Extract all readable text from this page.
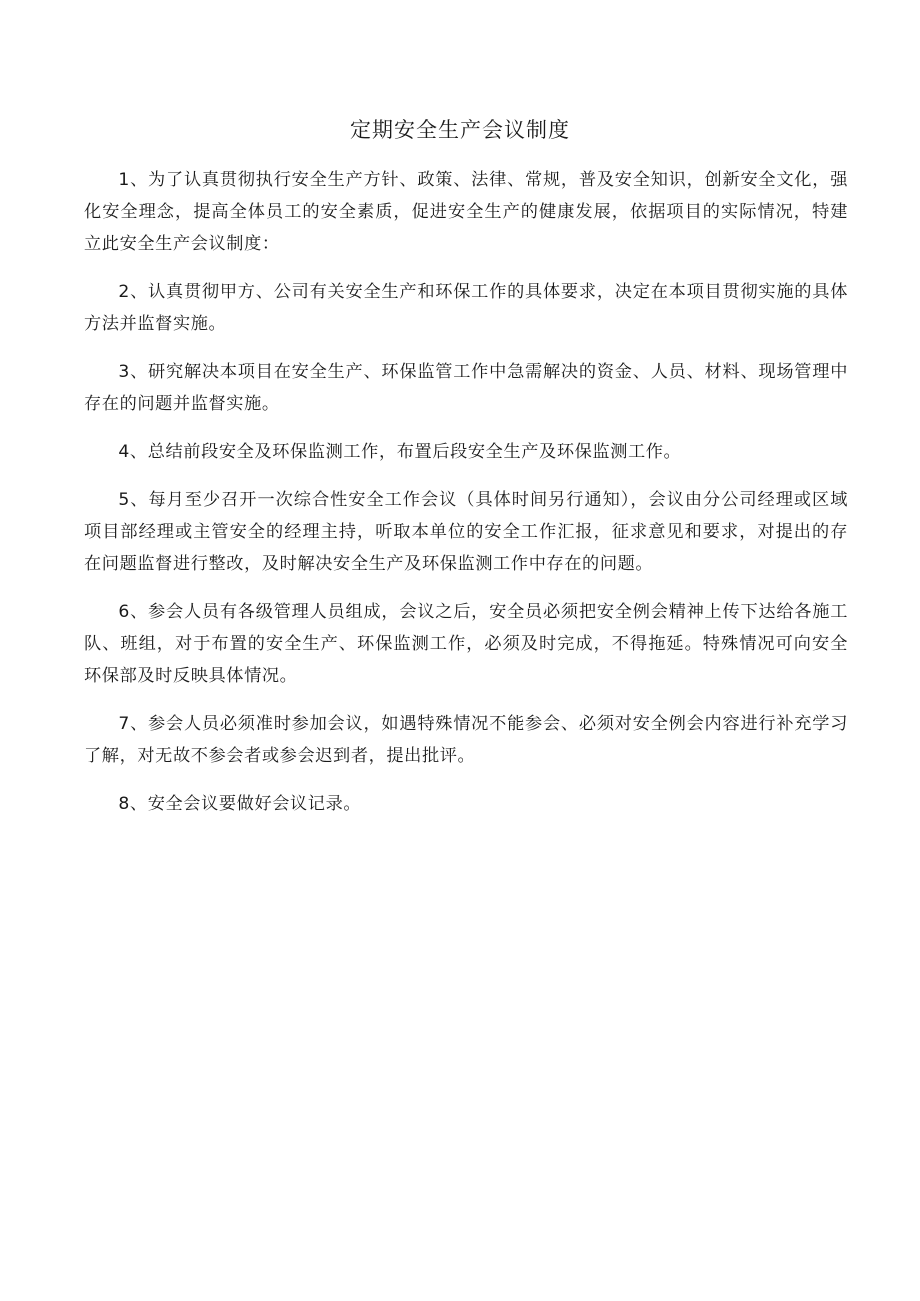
定期安全生产会议制度

1、为了认真贯彻执行安全生产方针、政策、法律、常规，普及安全知识，创新安全文化，强化安全理念，提高全体员工的安全素质，促进安全生产的健康发展，依据项目的实际情况，特建立此安全生产会议制度：

2、认真贯彻甲方、公司有关安全生产和环保工作的具体要求，决定在本项目贯彻实施的具体方法并监督实施。

3、研究解决本项目在安全生产、环保监管工作中急需解决的资金、人员、材料、现场管理中存在的问题并监督实施。

4、总结前段安全及环保监测工作，布置后段安全生产及环保监测工作。

5、每月至少召开一次综合性安全工作会议（具体时间另行通知），会议由分公司经理或区域项目部经理或主管安全的经理主持，听取本单位的安全工作汇报，征求意见和要求，对提出的存在问题监督进行整改，及时解决安全生产及环保监测工作中存在的问题。

6、参会人员有各级管理人员组成，会议之后，安全员必须把安全例会精神上传下达给各施工队、班组，对于布置的安全生产、环保监测工作，必须及时完成，不得拖延。特殊情况可向安全环保部及时反映具体情况。

7、参会人员必须准时参加会议，如遇特殊情况不能参会、必须对安全例会内容进行补充学习了解，对无故不参会者或参会迟到者，提出批评。

8、安全会议要做好会议记录。
